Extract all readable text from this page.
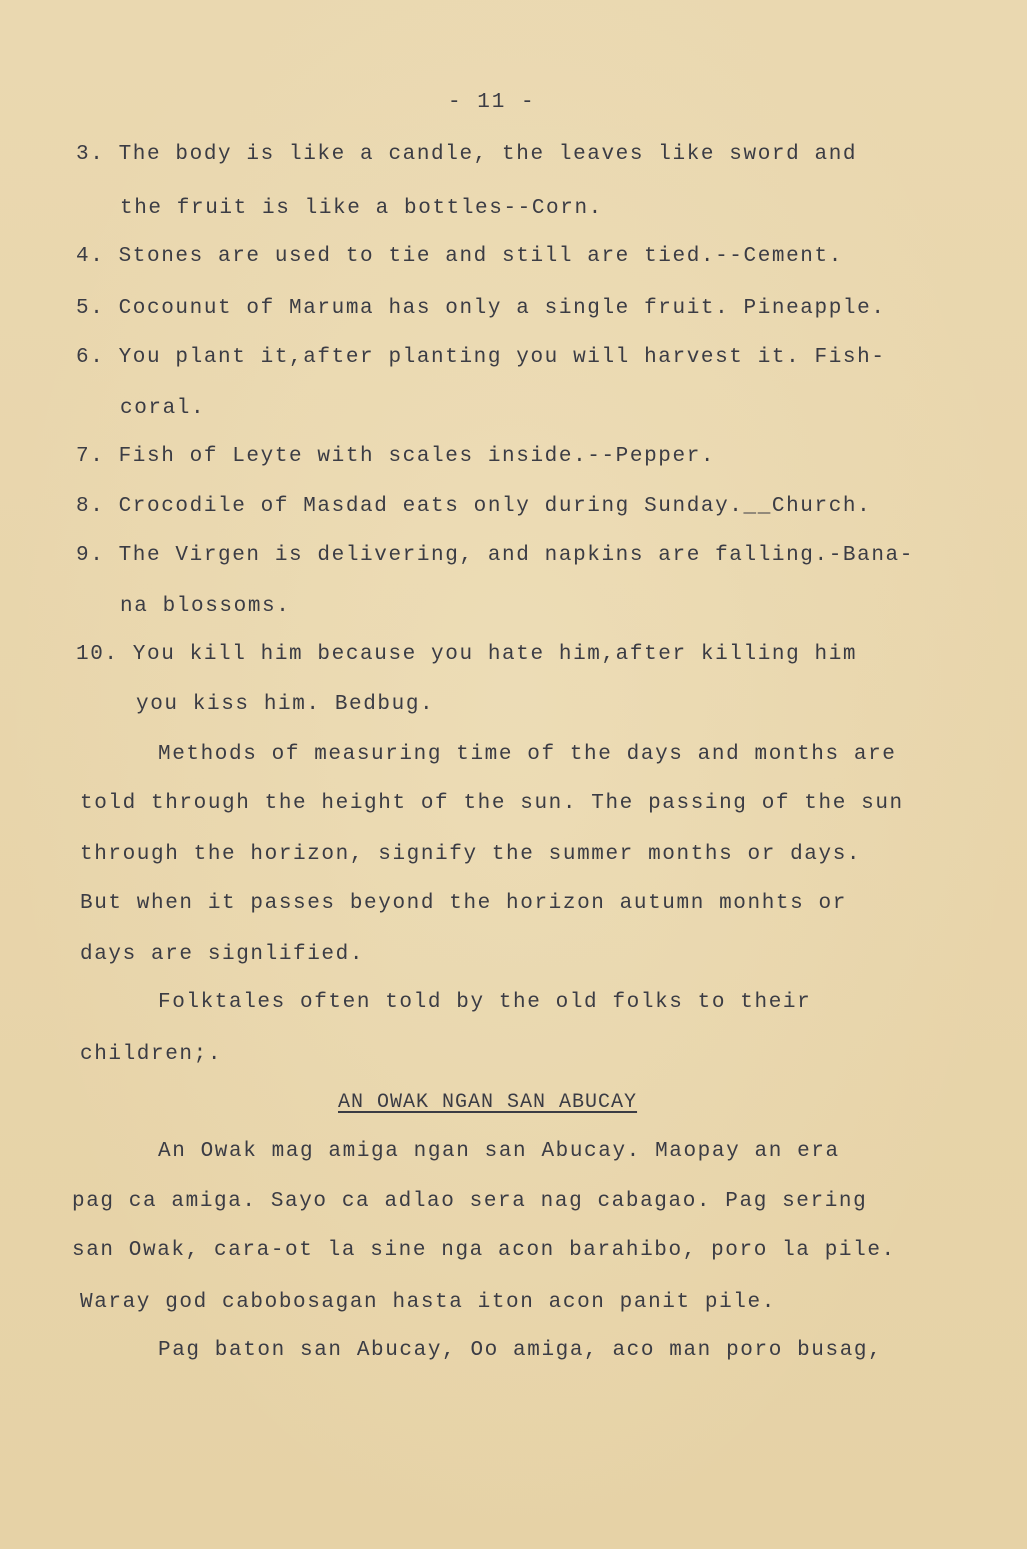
- 11 -
3. The body is like a candle, the leaves like sword and
the fruit is like a bottles--Corn.
4. Stones are used to tie and still are tied.--Cement.
5. Cocounut of Maruma has only a single fruit. Pineapple.
6. You plant it,after planting you will harvest it. Fish-
coral.
7. Fish of Leyte with scales inside.--Pepper.
8. Crocodile of Masdad eats only during Sunday.__Church.
9. The Virgen is delivering, and napkins are falling.-Bana-
na blossoms.
10. You kill him because you hate him,after killing him
you kiss him. Bedbug.
Methods of measuring time of the days and months are
told through the height of the sun. The passing of the sun
through the horizon, signify the summer months or days.
But when it passes beyond the horizon autumn monhts or
days are signlified.
Folktales often told by the old folks to their
children;.
AN OWAK NGAN SAN ABUCAY
An Owak mag amiga ngan san Abucay. Maopay an era
pag ca amiga. Sayo ca adlao sera nag cabagao. Pag sering
san Owak, cara-ot la sine nga acon barahibo, poro la pile.
Waray god cabobosagan hasta iton acon panit pile.
Pag baton san Abucay, Oo amiga, aco man poro busag,
